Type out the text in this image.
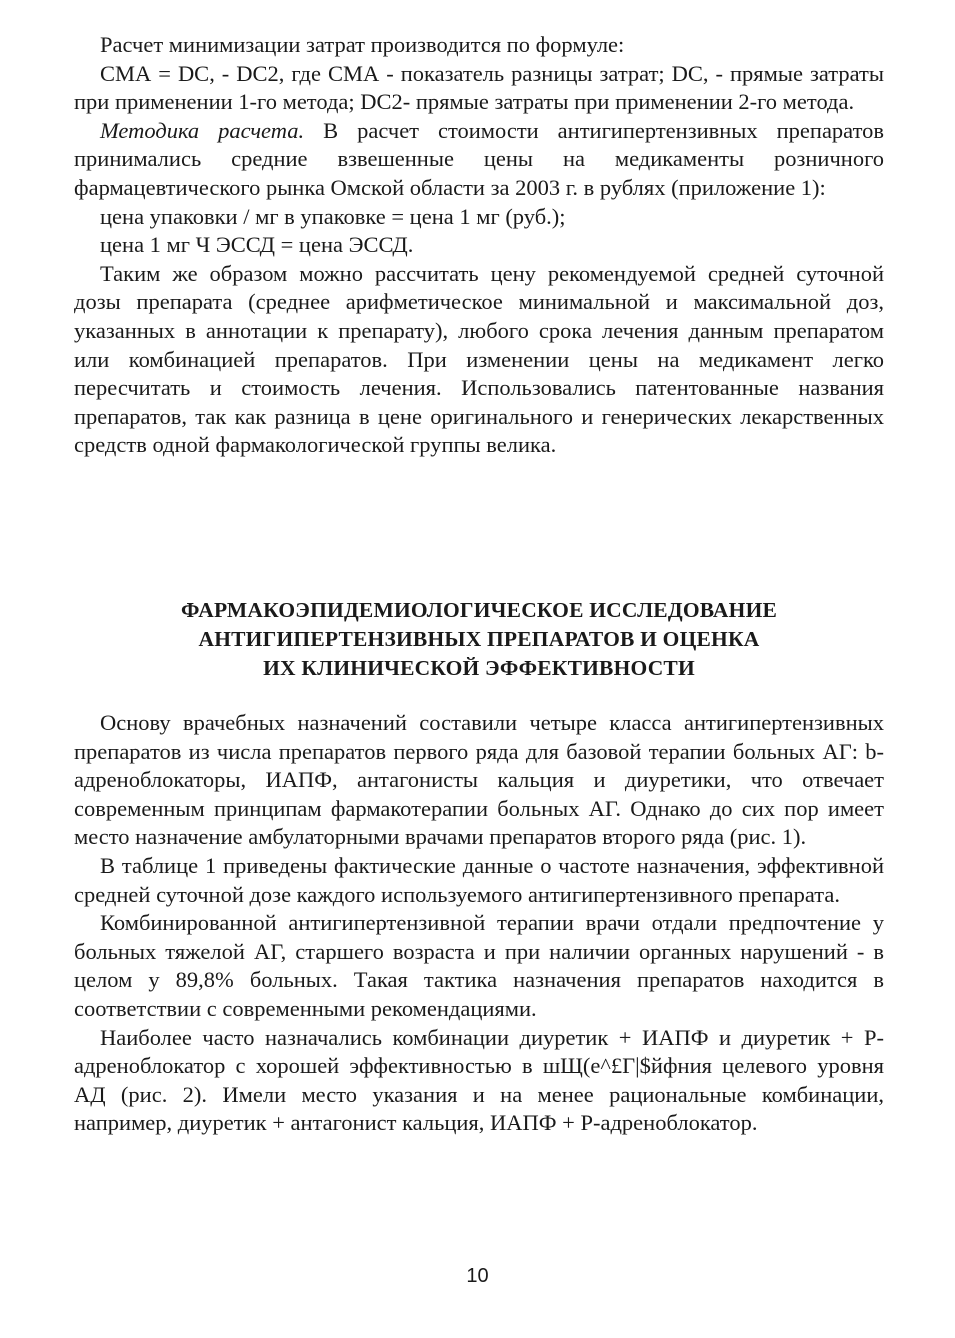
Расчет минимизации затрат производится по формуле:

СМА = DC, - DC2, где СМА - показатель разницы затрат; DC, - прямые затраты при применении 1-го метода; DC2- прямые затраты при применении 2-го метода.

Методика расчета. В расчет стоимости антигипертензивных препаратов принимались средние взвешенные цены на медикаменты розничного фармацевтического рынка Омской области за 2003 г. в рублях (приложение 1):

цена упаковки / мг в упаковке = цена 1 мг (руб.);

цена 1 мг Ч ЭССД = цена ЭССД.

Таким же образом можно рассчитать цену рекомендуемой средней суточной дозы препарата (среднее арифметическое минимальной и максимальной доз, указанных в аннотации к препарату), любого срока лечения данным препаратом или комбинацией препаратов. При изменении цены на медикамент легко пересчитать и стоимость лечения. Использовались патентованные названия препаратов, так как разница в цене оригинального и генерических лекарственных средств одной фармакологической группы велика.

ФАРМАКОЭПИДЕМИОЛОГИЧЕСКОЕ ИССЛЕДОВАНИЕ
АНТИГИПЕРТЕНЗИВНЫХ ПРЕПАРАТОВ И ОЦЕНКА
ИХ КЛИНИЧЕСКОЙ ЭФФЕКТИВНОСТИ

Основу врачебных назначений составили четыре класса антигипертензивных препаратов из числа препаратов первого ряда для базовой терапии больных АГ: b-адреноблокаторы, ИАПФ, антагонисты кальция и диуретики, что отвечает современным принципам фармакотерапии больных АГ. Однако до сих пор имеет место назначение амбулаторными врачами препаратов второго ряда (рис. 1).

В таблице 1 приведены фактические данные о частоте назначения, эффективной средней суточной дозе каждого используемого антигипертензивного препарата.

Комбинированной антигипертензивной терапии врачи отдали предпочтение у больных тяжелой АГ, старшего возраста и при наличии органных нарушений - в целом у 89,8% больных. Такая тактика назначения препаратов находится в соответствии с современными рекомендациями.

Наиболее часто назначались комбинации диуретик + ИАПФ и диуретик + Р-адреноблокатор с хорошей эффективностью в шЩ(е^£Г|$йфния целевого уровня АД (рис. 2). Имели место указания и на менее рациональные комбинации, например, диуретик + антагонист кальция, ИАПФ + Р-адреноблокатор.

10
